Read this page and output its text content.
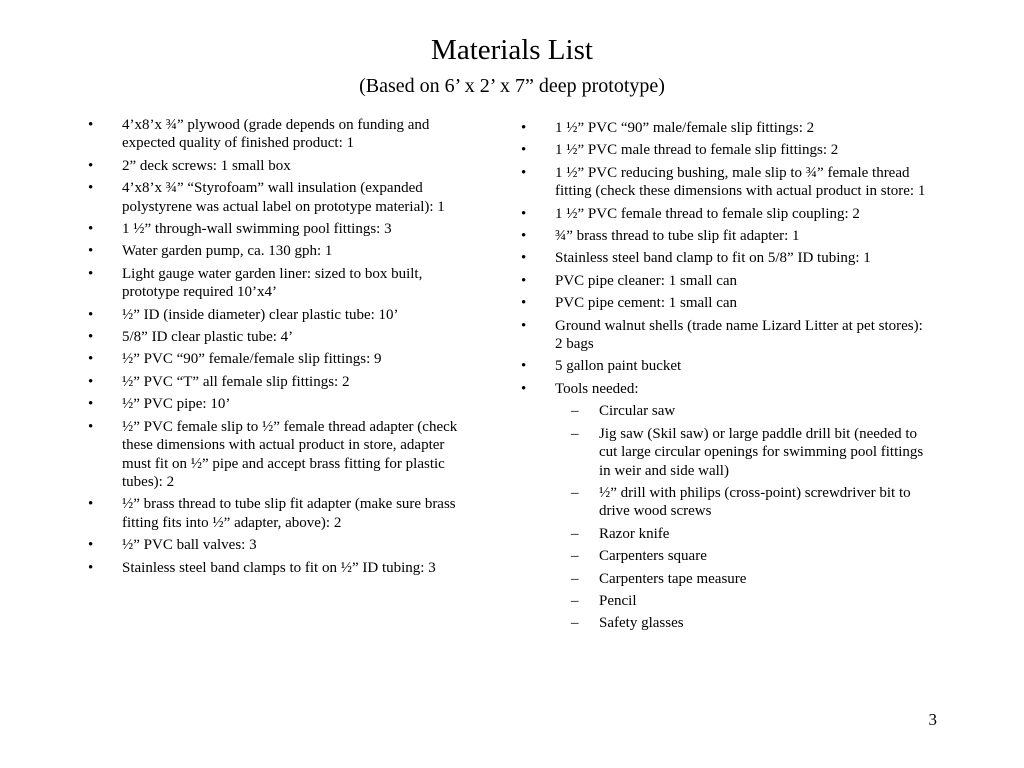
Materials List
(Based on 6’ x 2’ x 7” deep prototype)
• 4’x8’x ¾” plywood (grade depends on funding and expected quality of finished product: 1
• 2” deck screws: 1 small box
• 4’x8’x ¾” “Styrofoam” wall insulation (expanded polystyrene was actual label on prototype material): 1
• 1 ½” through-wall swimming pool fittings: 3
• Water garden pump, ca. 130 gph: 1
• Light gauge water garden liner: sized to box built, prototype required 10’x4’
• ½” ID (inside diameter) clear plastic tube: 10’
• 5/8” ID clear plastic tube: 4’
• ½” PVC “90” female/female slip fittings: 9
• ½” PVC “T” all female slip fittings: 2
• ½” PVC pipe: 10’
• ½” PVC female slip to ½” female thread adapter (check these dimensions with actual product in store, adapter must fit on ½” pipe and accept brass fitting for plastic tubes): 2
• ½” brass thread to tube slip fit adapter (make sure brass fitting fits into ½” adapter, above): 2
• ½” PVC ball valves: 3
• Stainless steel band clamps to fit on ½” ID tubing: 3
• 1 ½” PVC “90” male/female slip fittings: 2
• 1 ½” PVC male thread to female slip fittings: 2
• 1 ½” PVC reducing bushing, male slip to ¾” female thread fitting (check these dimensions with actual product in store: 1
• 1 ½” PVC female thread to female slip coupling: 2
• ¾” brass thread to tube slip fit adapter: 1
• Stainless steel band clamp to fit on 5/8” ID tubing: 1
• PVC pipe cleaner: 1 small can
• PVC pipe cement: 1 small can
• Ground walnut shells (trade name Lizard Litter at pet stores): 2 bags
• 5 gallon paint bucket
• Tools needed:
– Circular saw
– Jig saw (Skil saw) or large paddle drill bit (needed to cut large circular openings for swimming pool fittings in weir and side wall)
– ½” drill with philips (cross-point) screwdriver bit to drive wood screws
– Razor knife
– Carpenters square
– Carpenters tape measure
– Pencil
– Safety glasses
3
